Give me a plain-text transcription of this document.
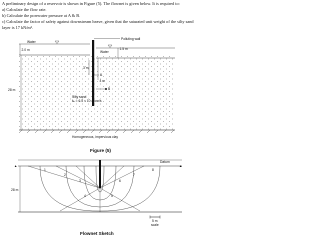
A preliminary design of a reservoir is shown in Figure (5). The flownet is given below. It is required to:

a) Calculate the flow rate.

b) Calculate the porewater pressure at A & B.

c) Calculate the factor of safety against downstream heave, given that the saturated unit weight of the silty sand layer is 17 kN/m³.

Polluting wall
Water
Water
2.0 m	1.5 m
3 m
A
4 m
B
28 m
Silty sand
kₓ = 6.5 × 10⁻⁵ cm/s
Homogeneous, impervious clay
Figure (5)
Datum
▲	▲
28 m
1
2
3
4	5
6
7
8
5 m
scale
Flownet Sketch
